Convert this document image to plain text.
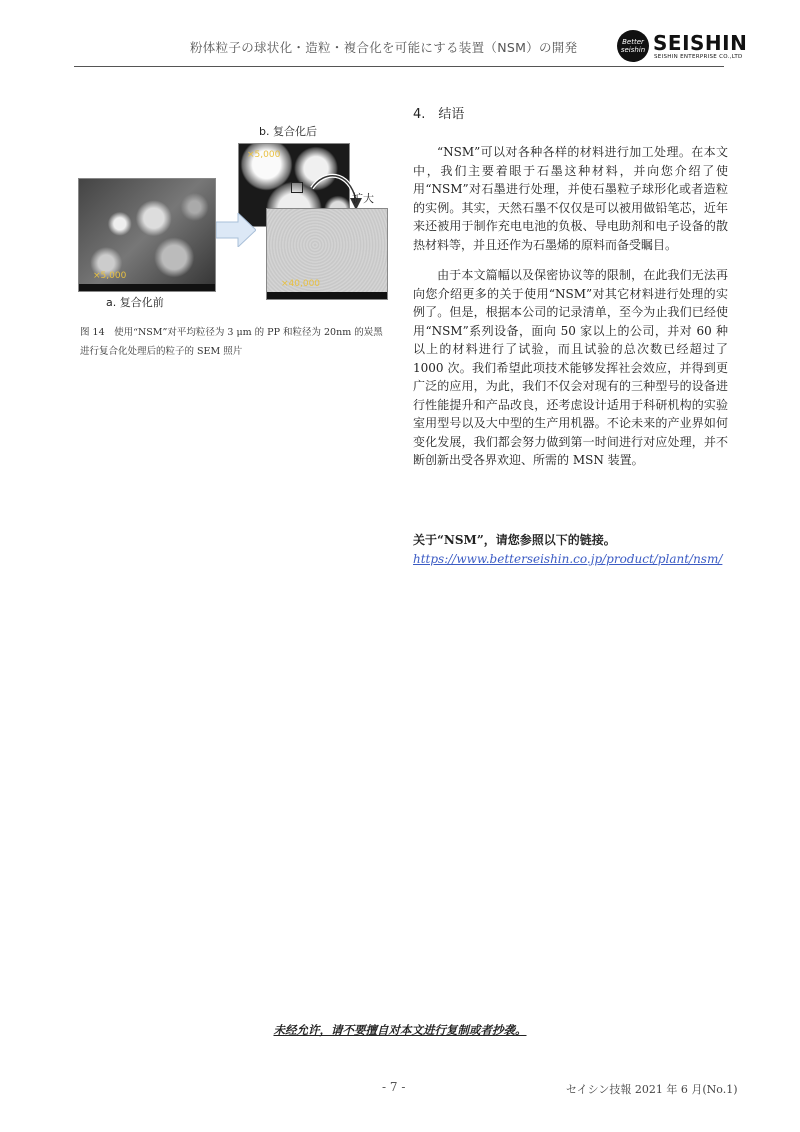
粉体粒子の球状化・造粒・複合化を可能にする装置（NSM）の開発	Better seishin SEISHIN
SEISHIN ENTERPRISE CO.,LTD
b. 复合化后
×5,000
扩大
×5,000
×40,000
a. 复合化前
图 14　使用“NSM”对平均粒径为 3 μm 的 PP 和粒径为 20nm 的炭黑进行复合化处理后的粒子的 SEM 照片
4.　结语

“NSM”可以对各种各样的材料进行加工处理。在本文中，我们主要着眼于石墨这种材料，并向您介绍了使用“NSM”对石墨进行处理，并使石墨粒子球形化或者造粒的实例。其实，天然石墨不仅仅是可以被用做铅笔芯，近年来还被用于制作充电电池的负极、导电助剂和电子设备的散热材料等，并且还作为石墨烯的原料而备受瞩目。

由于本文篇幅以及保密协议等的限制，在此我们无法再向您介绍更多的关于使用“NSM”对其它材料进行处理的实例了。但是，根据本公司的记录清单，至今为止我们已经使用“NSM”系列设备，面向 50 家以上的公司，并对 60 种以上的材料进行了试验，而且试验的总次数已经超过了 1000 次。我们希望此项技术能够发挥社会效应，并得到更广泛的应用，为此，我们不仅会对现有的三种型号的设备进行性能提升和产品改良，还考虑设计适用于科研机构的实验室用型号以及大中型的生产用机器。不论未来的产业界如何变化发展，我们都会努力做到第一时间进行对应处理，并不断创新出受各界欢迎、所需的 MSN 装置。

关于“NSM”，请您参照以下的链接。
https://www.betterseishin.co.jp/product/plant/nsm/
未经允许，请不要擅自对本文进行复制或者抄袭。
- 7 -	セイシン技報 2021 年 6 月(No.1)
